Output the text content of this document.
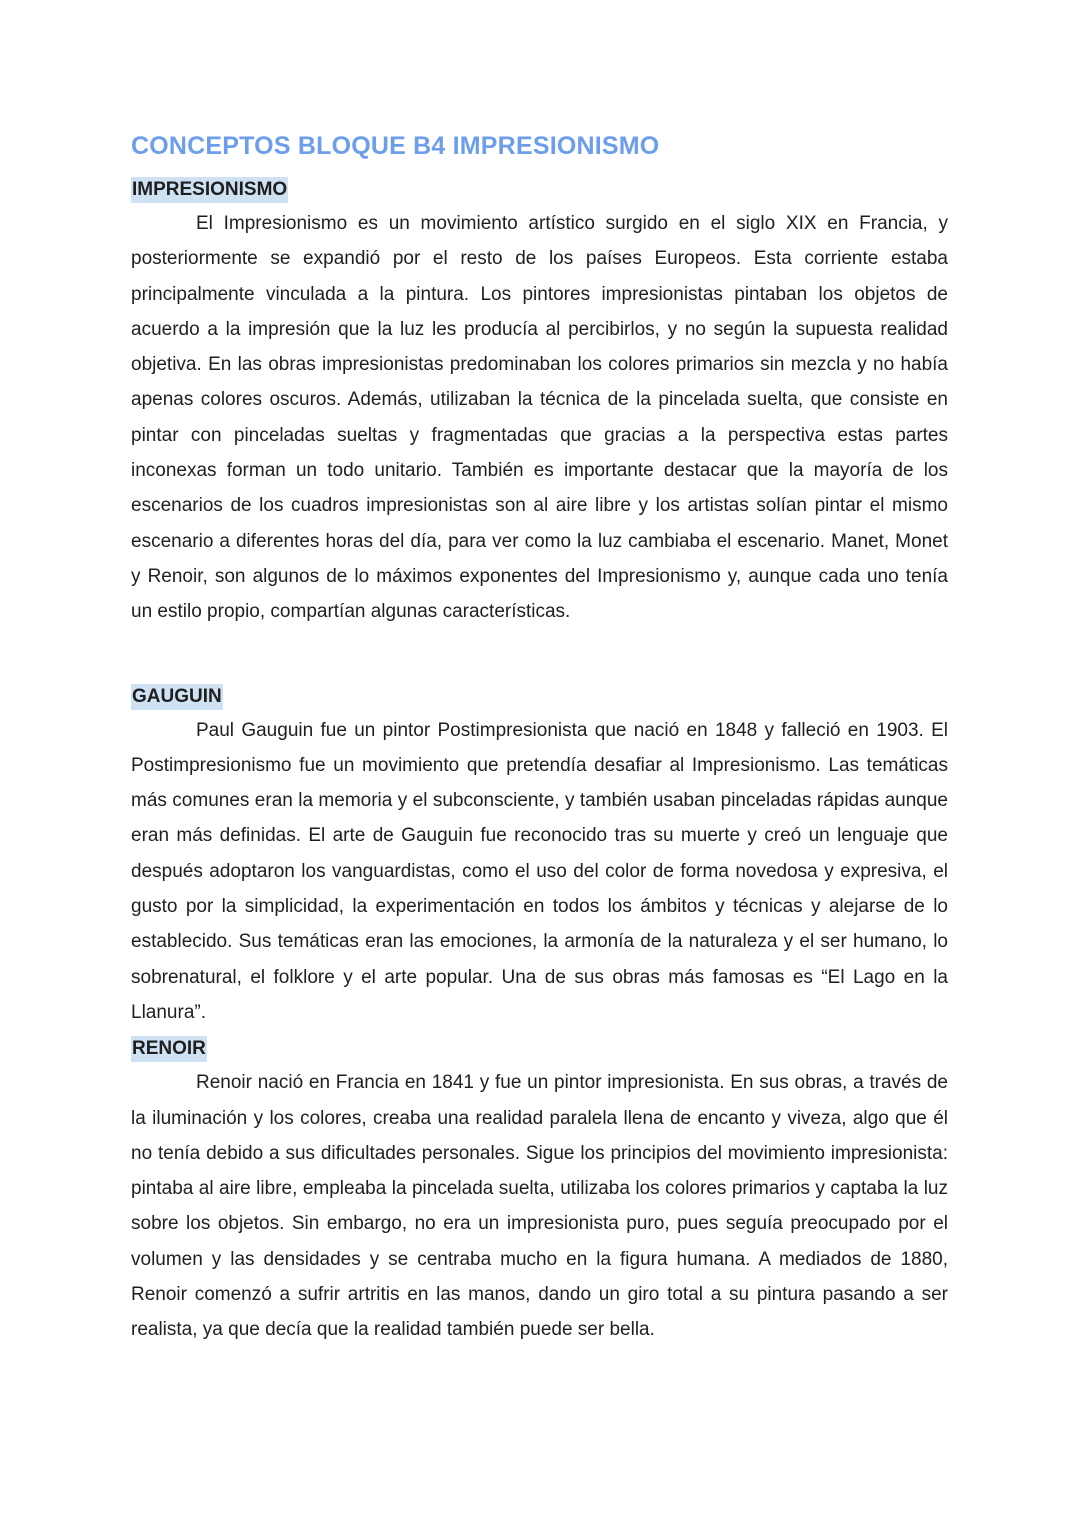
CONCEPTOS BLOQUE B4 IMPRESIONISMO
IMPRESIONISMO

El Impresionismo es un movimiento artístico surgido en el siglo XIX en Francia, y posteriormente se expandió por el resto de los países Europeos. Esta corriente estaba principalmente vinculada a la pintura. Los pintores impresionistas pintaban los objetos de acuerdo a la impresión que la luz les producía al percibirlos, y no según la supuesta realidad objetiva. En las obras impresionistas predominaban los colores primarios sin mezcla y no había apenas colores oscuros. Además, utilizaban la técnica de la pincelada suelta, que consiste en pintar con pinceladas sueltas y fragmentadas que gracias a la perspectiva estas partes inconexas forman un todo unitario. También es importante destacar que la mayoría de los escenarios de los cuadros impresionistas son al aire libre y los artistas solían pintar el mismo escenario a diferentes horas del día, para ver como la luz cambiaba el escenario. Manet, Monet y Renoir, son algunos de lo máximos exponentes del Impresionismo y, aunque cada uno tenía un estilo propio, compartían algunas características.

GAUGUIN

Paul Gauguin fue un pintor Postimpresionista que nació en 1848 y falleció en 1903. El Postimpresionismo fue un movimiento que pretendía desafiar al Impresionismo. Las temáticas más comunes eran la memoria y el subconsciente, y también usaban pinceladas rápidas aunque eran más definidas. El arte de Gauguin fue reconocido tras su muerte y creó un lenguaje que después adoptaron los vanguardistas, como el uso del color de forma novedosa y expresiva, el gusto por la simplicidad, la experimentación en todos los ámbitos y técnicas y alejarse de lo establecido. Sus temáticas eran las emociones, la armonía de la naturaleza y el ser humano, lo sobrenatural, el folklore y el arte popular. Una de sus obras más famosas es “El Lago en la Llanura”.

RENOIR

Renoir nació en Francia en 1841 y fue un pintor impresionista. En sus obras, a través de la iluminación y los colores, creaba una realidad paralela llena de encanto y viveza, algo que él no tenía debido a sus dificultades personales. Sigue los principios del movimiento impresionista: pintaba al aire libre, empleaba la pincelada suelta, utilizaba los colores primarios y captaba la luz sobre los objetos. Sin embargo, no era un impresionista puro, pues seguía preocupado por el volumen y las densidades y se centraba mucho en la figura humana. A mediados de 1880, Renoir comenzó a sufrir artritis en las manos, dando un giro total a su pintura pasando a ser realista, ya que decía que la realidad también puede ser bella.
